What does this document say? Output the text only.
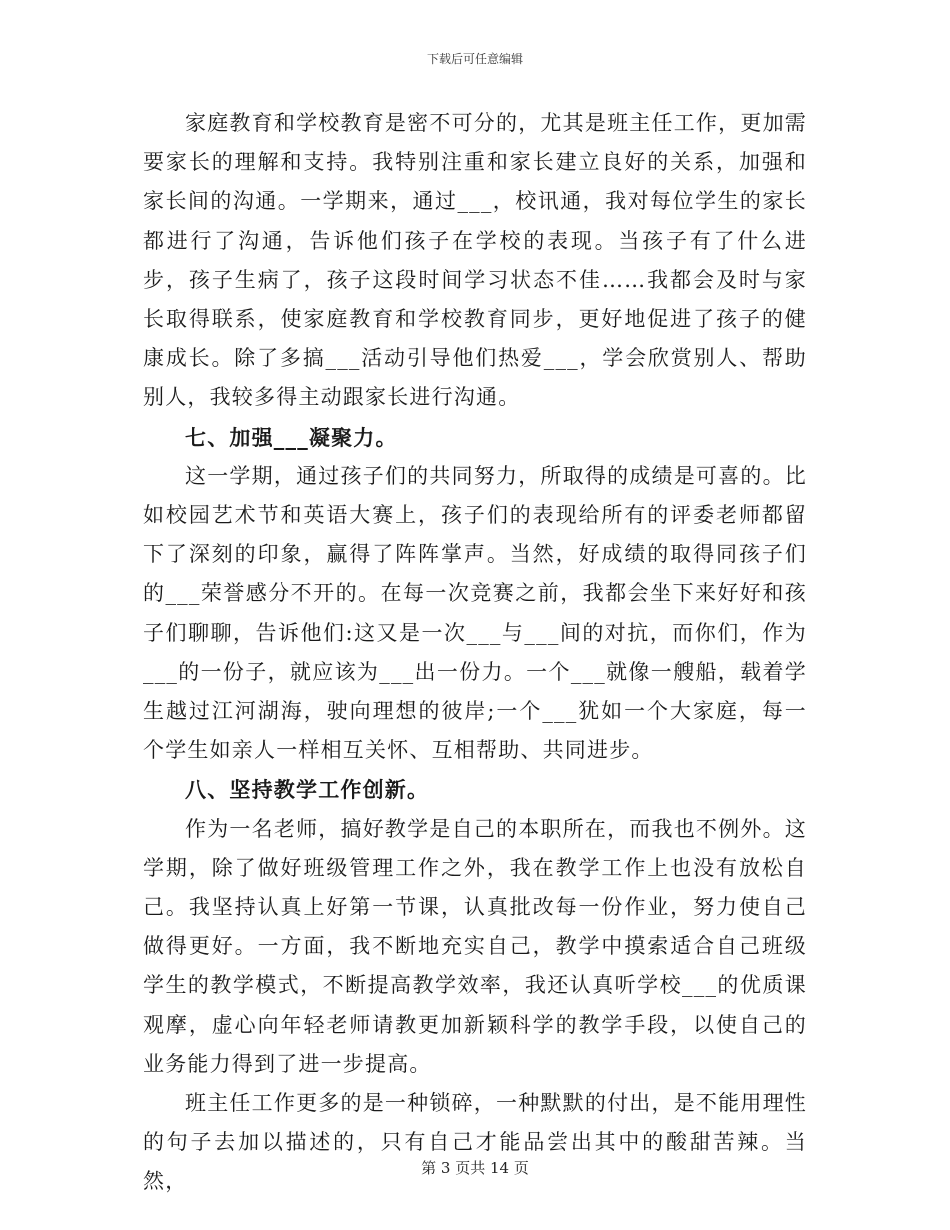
下载后可任意编辑

家庭教育和学校教育是密不可分的，尤其是班主任工作，更加需要家长的理解和支持。我特别注重和家长建立良好的关系，加强和家长间的沟通。一学期来，通过___，校讯通，我对每位学生的家长都进行了沟通，告诉他们孩子在学校的表现。当孩子有了什么进步，孩子生病了，孩子这段时间学习状态不佳……我都会及时与家长取得联系，使家庭教育和学校教育同步，更好地促进了孩子的健康成长。除了多搞___活动引导他们热爱___，学会欣赏别人、帮助别人，我较多得主动跟家长进行沟通。

七、加强___凝聚力。

这一学期，通过孩子们的共同努力，所取得的成绩是可喜的。比如校园艺术节和英语大赛上，孩子们的表现给所有的评委老师都留下了深刻的印象，赢得了阵阵掌声。当然，好成绩的取得同孩子们的___荣誉感分不开的。在每一次竞赛之前，我都会坐下来好好和孩子们聊聊，告诉他们:这又是一次___与___间的对抗，而你们，作为___的一份子，就应该为___出一份力。一个___就像一艘船，载着学生越过江河湖海，驶向理想的彼岸;一个___犹如一个大家庭，每一个学生如亲人一样相互关怀、互相帮助、共同进步。

八、坚持教学工作创新。

作为一名老师，搞好教学是自己的本职所在，而我也不例外。这学期，除了做好班级管理工作之外，我在教学工作上也没有放松自己。我坚持认真上好第一节课，认真批改每一份作业，努力使自己做得更好。一方面，我不断地充实自己，教学中摸索适合自己班级学生的教学模式，不断提高教学效率，我还认真听学校___的优质课观摩，虚心向年轻老师请教更加新颖科学的教学手段，以使自己的业务能力得到了进一步提高。

班主任工作更多的是一种锁碎，一种默默的付出，是不能用理性的句子去加以描述的，只有自己才能品尝出其中的酸甜苦辣。当然，

第 3 页共 14 页
